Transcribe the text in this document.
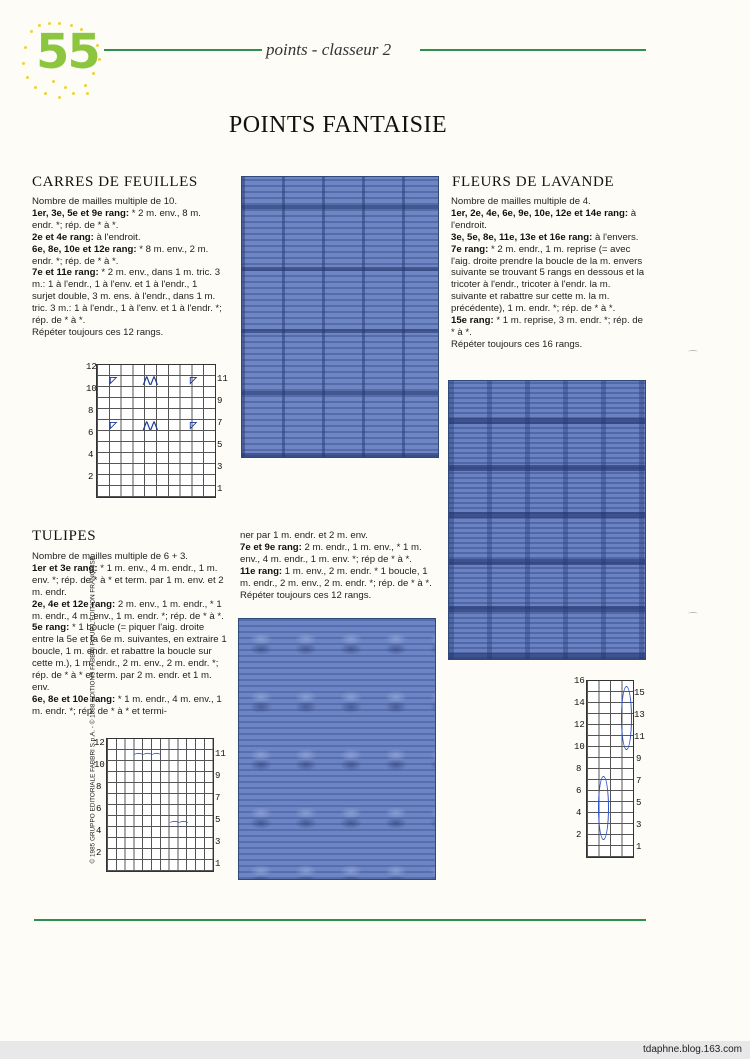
55	points - classeur 2
POINTS FANTAISIE
CARRES DE FEUILLES

Nombre de mailles multiple de 10.

1er, 3e, 5e et 9e rang: * 2 m. env., 8 m. endr. *; rép. de * à *.

2e et 4e rang: à l'endroit.

6e, 8e, 10e et 12e rang: * 8 m. env., 2 m. endr. *; rép. de * à *.

7e et 11e rang: * 2 m. env., dans 1 m. tric. 3 m.: 1 à l'endr., 1 à l'env. et 1 à l'endr., 1 surjet double, 3 m. ens. à l'endr., dans 1 m. tric. 3 m.: 1 à l'endr., 1 à l'env. et 1 à l'endr. *; rép. de * à *.

Répéter toujours ces 12 rangs.

◸	⋀⋀	◸
◸	⋀⋀	◸
12
10
8
6
4
2
11
9
7
5
3
1
FLEURS DE LAVANDE

Nombre de mailles multiple de 4.

1er, 2e, 4e, 6e, 9e, 10e, 12e et 14e rang: à l'endroit.

3e, 5e, 8e, 11e, 13e et 16e rang: à l'envers.

7e rang: * 2 m. endr., 1 m. reprise (= avec l'aig. droite prendre la boucle de la m. envers suivante se trouvant 5 rangs en dessous et la tricoter à l'endr., tricoter à l'endr. la m. suivante et rabattre sur cette m. la m. précédente), 1 m. endr. *; rép. de * à *.

15e rang: * 1 m. reprise, 3 m. endr. *; rép. de * à *.

Répéter toujours ces 16 rangs.

16
14
12
10
8
6
4
2
15
13
11
9
7
5
3
1
TULIPES

Nombre de mailles multiple de 6 + 3.

1er et 3e rang: * 1 m. env., 4 m. endr., 1 m. env. *; rép. de * à * et term. par 1 m. env. et 2 m. endr.

2e, 4e et 12e rang: 2 m. env., 1 m. endr., * 1 m. endr., 4 m. env., 1 m. endr. *; rép. de * à *.

5e rang: * 1 boucle (= piquer l'aig. droite entre la 5e et la 6e m. suivantes, en extraire 1 boucle, 1 m. endr. et rabattre la boucle sur cette m.), 1 m. endr., 2 m. env., 2 m. endr. *; rép. de * à * et term. par 2 m. endr. et 1 m. env.

6e, 8e et 10e rang: * 1 m. endr., 4 m. env., 1 m. endr. *; rép. de * à * et termi-

ner par 1 m. endr. et 2 m. env.

7e et 9e rang: 2 m. endr., 1 m. env., * 1 m. env., 4 m. endr., 1 m. env. *; rép de * à *.

11e rang: 1 m. env., 2 m. endr. * 1 boucle, 1 m. endr., 2 m. env., 2 m. endr. *; rép. de * à *.

Répéter toujours ces 12 rangs.

⌒⌒⌒
⌒⌒
12
10
8
6
4
2
11
9
7
5
3
1
© 1985 GRUPPO EDITORIALE FABBRI S.p.A. - © 1988 EDITIONS FABBRI POUR L'EDITION FRANÇAISE
tdaphne.blog.163.com
